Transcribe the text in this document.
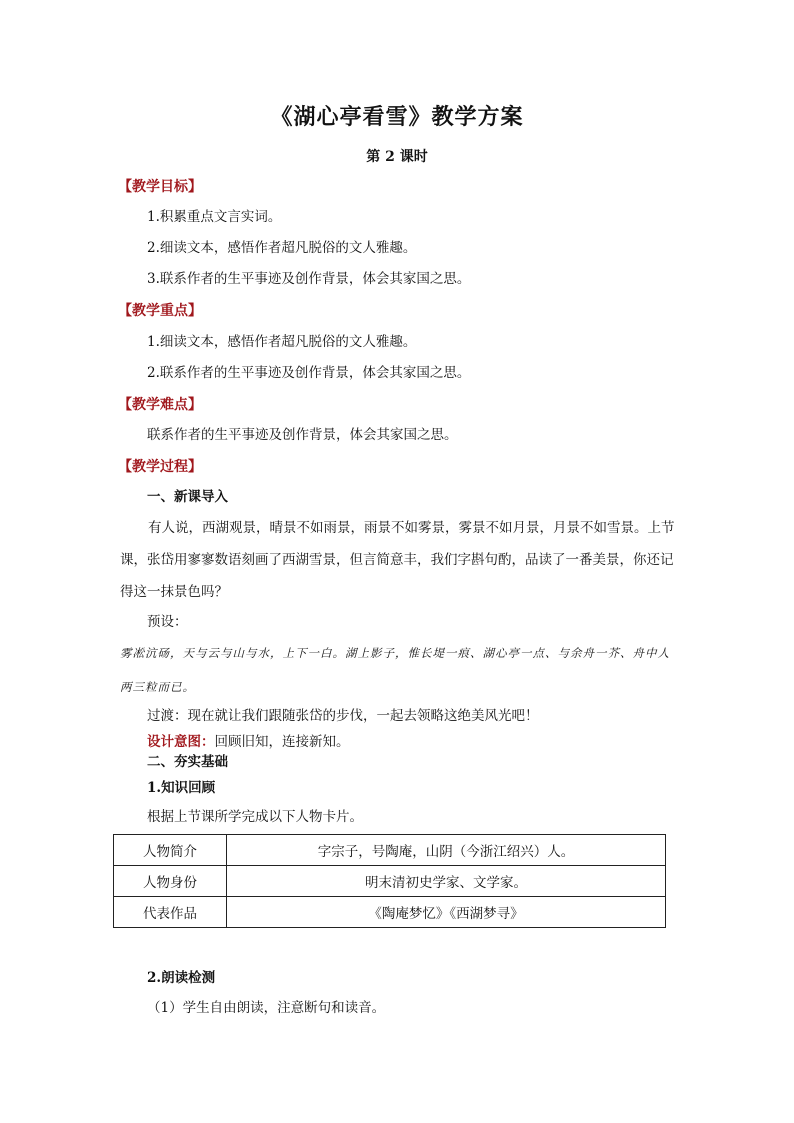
《湖心亭看雪》教学方案
第 2 课时
【教学目标】
1.积累重点文言实词。
2.细读文本，感悟作者超凡脱俗的文人雅趣。
3.联系作者的生平事迹及创作背景，体会其家国之思。
【教学重点】
1.细读文本，感悟作者超凡脱俗的文人雅趣。
2.联系作者的生平事迹及创作背景，体会其家国之思。
【教学难点】
联系作者的生平事迹及创作背景，体会其家国之思。
【教学过程】
一、新课导入
有人说，西湖观景，晴景不如雨景，雨景不如雾景，雾景不如月景，月景不如雪景。上节课，张岱用寥寥数语刻画了西湖雪景，但言简意丰，我们字斟句酌，品读了一番美景，你还记得这一抹景色吗？
预设：
雾凇沆砀，天与云与山与水，上下一白。湖上影子，惟长堤一痕、湖心亭一点、与余舟一芥、舟中人两三粒而已。
过渡：现在就让我们跟随张岱的步伐，一起去领略这绝美风光吧！
设计意图：回顾旧知，连接新知。
二、夯实基础
1.知识回顾
根据上节课所学完成以下人物卡片。
人物简介	字宗子，号陶庵，山阴（今浙江绍兴）人。
人物身份	明末清初史学家、文学家。
代表作品	《陶庵梦忆》《西湖梦寻》
2.朗读检测
（1）学生自由朗读，注意断句和读音。
